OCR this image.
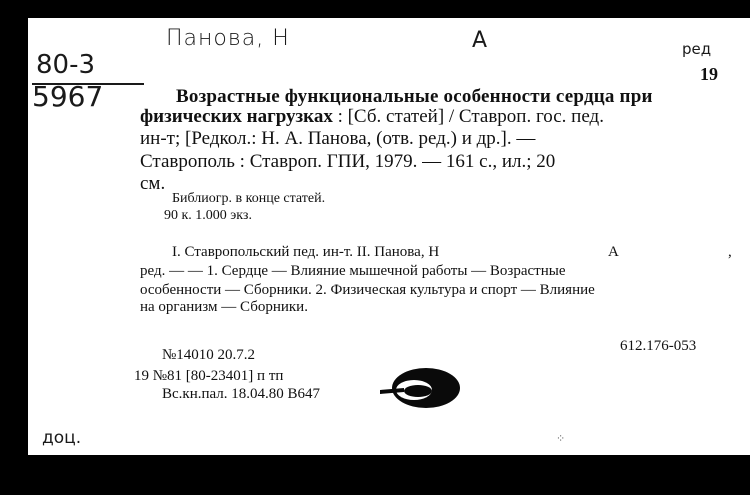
Панова, Н	А	ред
80-3
5967
19
Возрастные функциональные особенности сердца при
физических нагрузках : [Сб. статей] / Ставроп. гос. пед.
ин-т; [Редкол.: Н. А. Панова, (отв. ред.) и др.]. —
Ставрополь : Ставроп. ГПИ, 1979. — 161 с., ил.; 20
см.
Библиогр. в конце статей.
90 к. 1.000 экз.
I. Ставропольский пед. ин-т. II. Панова, Н	А	,
ред. — — 1. Сердце — Влияние мышечной работы — Возрастные
особенности — Сборники. 2. Физическая культура и спорт — Влияние
на организм — Сборники.
612.176-053
№14010 20.7.2
19 №81 [80-23401] п тп
Вс.кн.пал. 18.04.80 В647
⁘
доц.
